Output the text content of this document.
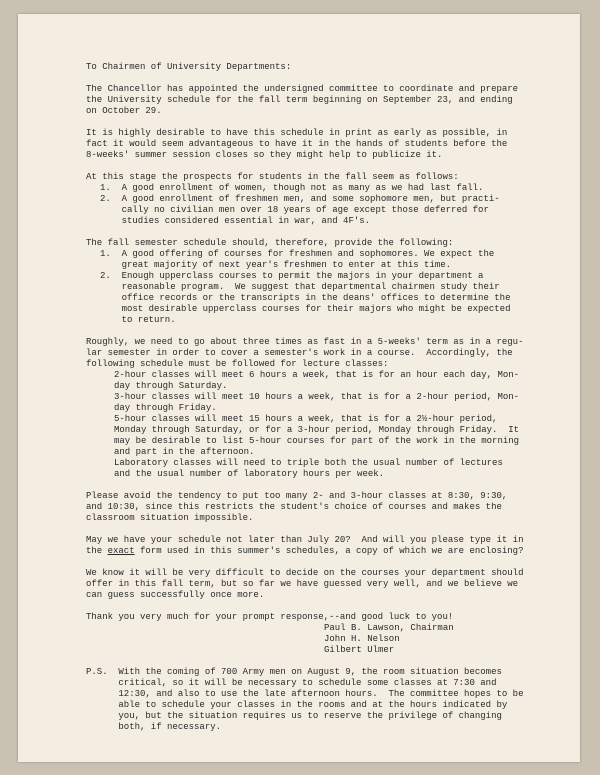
To Chairmen of University Departments:
The Chancellor has appointed the undersigned committee to coordinate and prepare
the University schedule for the fall term beginning on September 23, and ending
on October 29.
It is highly desirable to have this schedule in print as early as possible, in
fact it would seem advantageous to have it in the hands of students before the
8-weeks' summer session closes so they might help to publicize it.
At this stage the prospects for students in the fall seem as follows:
1.  A good enrollment of women, though not as many as we had last fall.
2.  A good enrollment of freshmen men, and some sophomore men, but practi-
cally no civilian men over 18 years of age except those deferred for
studies considered essential in war, and 4F's.
The fall semester schedule should, therefore, provide the following:
1.  A good offering of courses for freshmen and sophomores. We expect the
great majority of next year's freshmen to enter at this time.
2.  Enough upperclass courses to permit the majors in your department a
reasonable program.  We suggest that departmental chairmen study their
office records or the transcripts in the deans' offices to determine the
most desirable upperclass courses for their majors who might be expected
to return.
Roughly, we need to go about three times as fast in a 5-weeks' term as in a regu-
lar semester in order to cover a semester's work in a course.  Accordingly, the
following schedule must be followed for lecture classes:
2-hour classes will meet 6 hours a week, that is for an hour each day, Mon-
day through Saturday.
3-hour classes will meet 10 hours a week, that is for a 2-hour period, Mon-
day through Friday.
5-hour classes will meet 15 hours a week, that is for a 2½-hour period,
Monday through Saturday, or for a 3-hour period, Monday through Friday.  It
may be desirable to list 5-hour courses for part of the work in the morning
and part in the afternoon.
Laboratory classes will need to triple both the usual number of lectures
and the usual number of laboratory hours per week.
Please avoid the tendency to put too many 2- and 3-hour classes at 8:30, 9:30,
and 10:30, since this restricts the student's choice of courses and makes the
classroom situation impossible.
May we have your schedule not later than July 20?  And will you please type it in
the exact form used in this summer's schedules, a copy of which we are enclosing?
We know it will be very difficult to decide on the courses your department should
offer in this fall term, but so far we have guessed very well, and we believe we
can guess successfully once more.
Thank you very much for your prompt response,--and good luck to you!
Paul B. Lawson, Chairman
John H. Nelson
Gilbert Ulmer
P.S.  With the coming of 700 Army men on August 9, the room situation becomes
critical, so it will be necessary to schedule some classes at 7:30 and
12:30, and also to use the late afternoon hours.  The committee hopes to be
able to schedule your classes in the rooms and at the hours indicated by
you, but the situation requires us to reserve the privilege of changing
both, if necessary.
